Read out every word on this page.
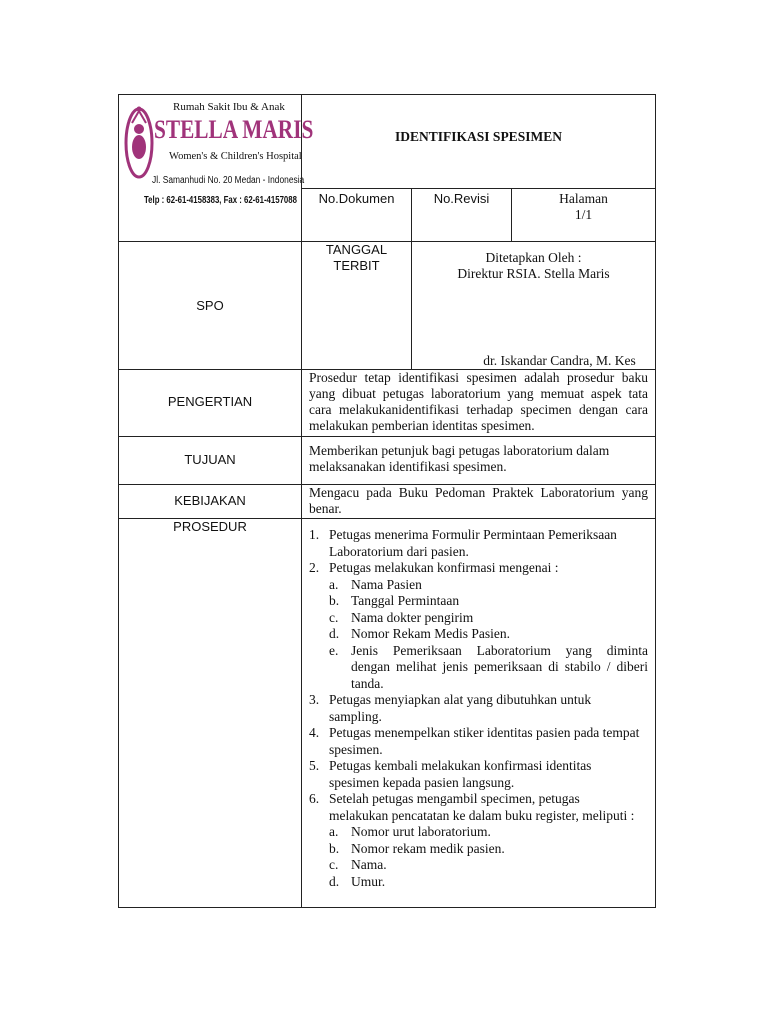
Rumah Sakit Ibu & Anak
STELLA MARIS
Women's & Children's Hospital
Jl. Samanhudi No. 20 Medan - Indonesia
Telp : 62-61-4158383, Fax : 62-61-4157088
IDENTIFIKASI SPESIMEN
No.Dokumen	No.Revisi	Halaman
1/1
SPO
TANGGAL
TERBIT
Ditetapkan Oleh :
Direktur RSIA. Stella Maris
dr. Iskandar Candra, M. Kes
PENGERTIAN
Prosedur tetap identifikasi spesimen adalah prosedur baku
yang dibuat petugas laboratorium yang memuat aspek tata
cara melakukanidentifikasi terhadap specimen dengan cara
melakukan pemberian identitas spesimen.
TUJUAN
Memberikan petunjuk bagi petugas laboratorium dalam
melaksanakan identifikasi spesimen.
KEBIJAKAN
Mengacu pada Buku Pedoman Praktek Laboratorium yang
benar.
PROSEDUR
1. Petugas menerima Formulir Permintaan Pemeriksaan
Laboratorium dari pasien.
2. Petugas melakukan konfirmasi mengenai :
a. Nama Pasien
b. Tanggal Permintaan
c. Nama dokter pengirim
d. Nomor Rekam Medis Pasien.
e. Jenis Pemeriksaan Laboratorium yang diminta
dengan melihat jenis pemeriksaan di stabilo / diberi
tanda.
3. Petugas menyiapkan alat yang dibutuhkan untuk
sampling.
4. Petugas menempelkan stiker identitas pasien pada tempat
spesimen.
5. Petugas kembali melakukan konfirmasi identitas
spesimen kepada pasien langsung.
6. Setelah petugas mengambil specimen, petugas
melakukan pencatatan ke dalam buku register, meliputi :
a. Nomor urut laboratorium.
b. Nomor rekam medik pasien.
c. Nama.
d. Umur.
